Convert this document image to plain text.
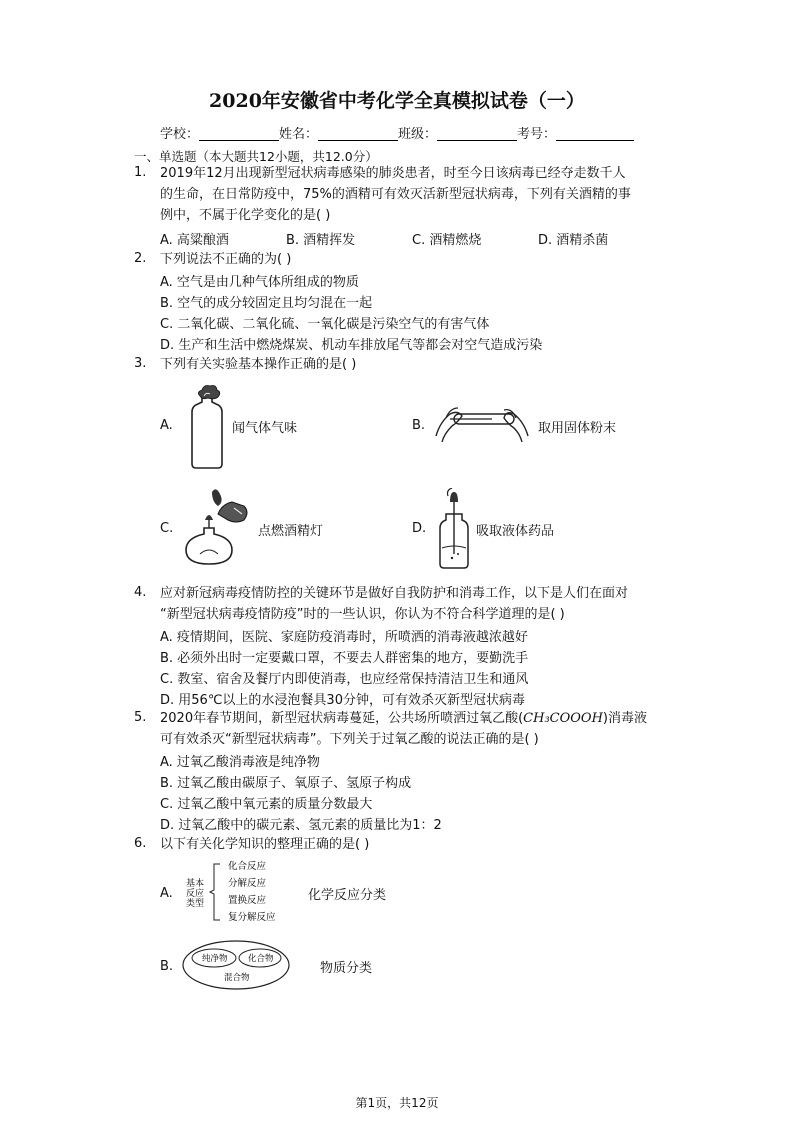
2020年安徽省中考化学全真模拟试卷（一）
学校：	姓名：	班级：	考号：
一、单选题（本大题共12小题，共12.0分）
1. 2019年12月出现新型冠状病毒感染的肺炎患者，时至今日该病毒已经夺走数千人
的生命，在日常防疫中，75%的酒精可有效灭活新型冠状病毒，下列有关酒精的事
例中，不属于化学变化的是( )
A. 高粱酿酒	B. 酒精挥发	C. 酒精燃烧	D. 酒精杀菌
2. 下列说法不正确的为( )
A. 空气是由几种气体所组成的物质
B. 空气的成分较固定且均匀混在一起
C. 二氧化碳、二氧化硫、一氧化碳是污染空气的有害气体
D. 生产和生活中燃烧煤炭、机动车排放尾气等都会对空气造成污染
3. 下列有关实验基本操作正确的是( )
A.	闻气体气味	B.	取用固体粉末
C.	点燃酒精灯	D.	吸取液体药品
4. 应对新冠病毒疫情防控的关键环节是做好自我防护和消毒工作，以下是人们在面对
“新型冠状病毒疫情防疫”时的一些认识，你认为不符合科学道理的是( )
A. 疫情期间，医院、家庭防疫消毒时，所喷洒的消毒液越浓越好
B. 必须外出时一定要戴口罩，不要去人群密集的地方，要勤洗手
C. 教室、宿舍及餐厅内即使消毒，也应经常保持清洁卫生和通风
D. 用56℃以上的水浸泡餐具30分钟，可有效杀灭新型冠状病毒
5. 2020年春节期间，新型冠状病毒蔓延，公共场所喷洒过氧乙酸(CH₃COOOH)消毒液
可有效杀灭“新型冠状病毒”。下列关于过氧乙酸的说法正确的是( )
A. 过氧乙酸消毒液是纯净物
B. 过氧乙酸由碳原子、氧原子、氢原子构成
C. 过氧乙酸中氧元素的质量分数最大
D. 过氧乙酸中的碳元素、氢元素的质量比为1：2
6. 以下有关化学知识的整理正确的是( )
A.
基本
反应
类型
化合反应
分解反应
置换反应
复分解反应
化学反应分类
B.	纯净物 化合物
混合物
物质分类
第1页，共12页
